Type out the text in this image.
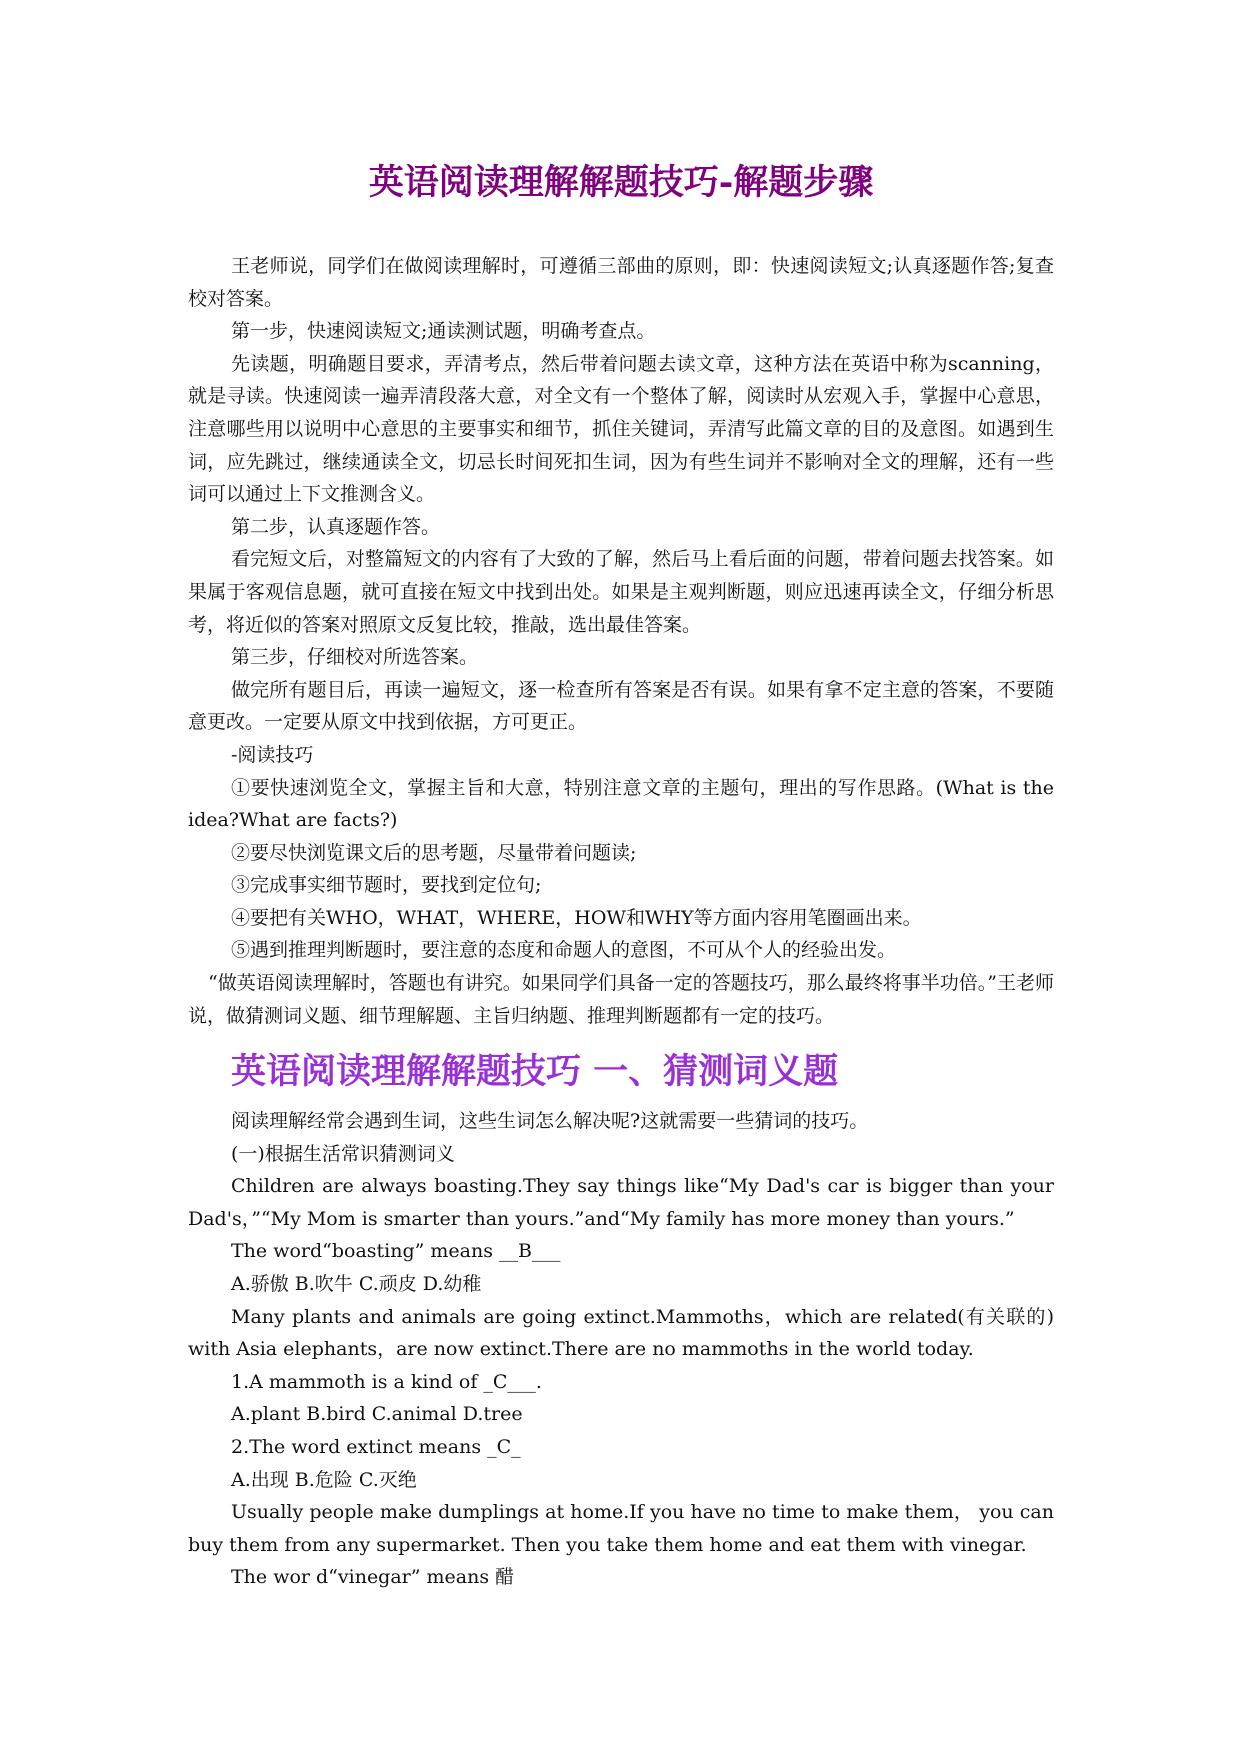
英语阅读理解解题技巧-解题步骤

王老师说，同学们在做阅读理解时，可遵循三部曲的原则，即：快速阅读短文;认真逐题作答;复查校对答案。

第一步，快速阅读短文;通读测试题，明确考查点。

先读题，明确题目要求，弄清考点，然后带着问题去读文章，这种方法在英语中称为scanning，就是寻读。快速阅读一遍弄清段落大意，对全文有一个整体了解，阅读时从宏观入手，掌握中心意思，注意哪些用以说明中心意思的主要事实和细节，抓住关键词，弄清写此篇文章的目的及意图。如遇到生词，应先跳过，继续通读全文，切忌长时间死扣生词，因为有些生词并不影响对全文的理解，还有一些词可以通过上下文推测含义。

第二步，认真逐题作答。

看完短文后，对整篇短文的内容有了大致的了解，然后马上看后面的问题，带着问题去找答案。如果属于客观信息题，就可直接在短文中找到出处。如果是主观判断题，则应迅速再读全文，仔细分析思考，将近似的答案对照原文反复比较，推敲，选出最佳答案。

第三步，仔细校对所选答案。

做完所有题目后，再读一遍短文，逐一检查所有答案是否有误。如果有拿不定主意的答案，不要随意更改。一定要从原文中找到依据，方可更正。

-阅读技巧

①要快速浏览全文，掌握主旨和大意，特别注意文章的主题句，理出的写作思路。(What is the idea?What are facts?)

②要尽快浏览课文后的思考题，尽量带着问题读;

③完成事实细节题时，要找到定位句;

④要把有关WHO，WHAT，WHERE，HOW和WHY等方面内容用笔圈画出来。

⑤遇到推理判断题时，要注意的态度和命题人的意图，不可从个人的经验出发。

“做英语阅读理解时，答题也有讲究。如果同学们具备一定的答题技巧，那么最终将事半功倍。”王老师说，做猜测词义题、细节理解题、主旨归纳题、推理判断题都有一定的技巧。

英语阅读理解解题技巧 一、猜测词义题

阅读理解经常会遇到生词，这些生词怎么解决呢?这就需要一些猜词的技巧。

(一)根据生活常识猜测词义

Children are always boasting.They say things like“My Dad's car is bigger than your Dad's，”“My Mom is smarter than yours.”and“My family has more money than yours.”

The word“boasting” means __B___

A.骄傲 B.吹牛 C.顽皮 D.幼稚

Many plants and animals are going extinct.Mammoths，which are related(有关联的) with Asia elephants，are now extinct.There are no mammoths in the world today.

1.A mammoth is a kind of _C___.

A.plant B.bird C.animal D.tree

2.The word extinct means _C_

A.出现 B.危险 C.灭绝

Usually people make dumplings at home.If you have no time to make them， you can buy them from any supermarket. Then you take them home and eat them with vinegar.

The wor d“vinegar” means 醋
